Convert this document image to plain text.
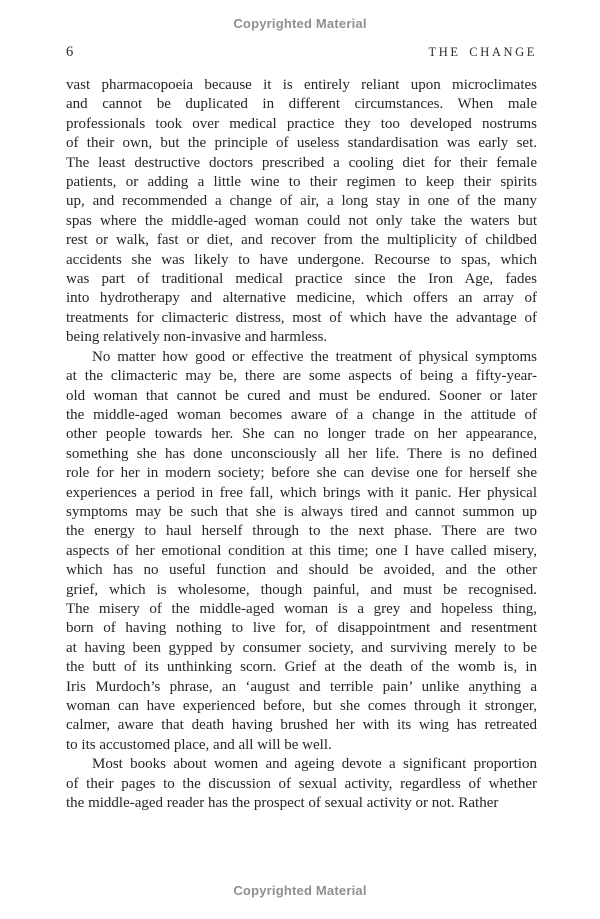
Copyrighted Material
6	THE CHANGE
vast pharmacopoeia because it is entirely reliant upon microclimates
and cannot be duplicated in different circumstances. When male
professionals took over medical practice they too developed nostrums
of their own, but the principle of useless standardisation was early set.
The least destructive doctors prescribed a cooling diet for their female
patients, or adding a little wine to their regimen to keep their spirits
up, and recommended a change of air, a long stay in one of the many
spas where the middle-aged woman could not only take the waters but
rest or walk, fast or diet, and recover from the multiplicity of childbed
accidents she was likely to have undergone. Recourse to spas, which
was part of traditional medical practice since the Iron Age, fades
into hydrotherapy and alternative medicine, which offers an array of
treatments for climacteric distress, most of which have the advantage of
being relatively non-invasive and harmless.
No matter how good or effective the treatment of physical symptoms
at the climacteric may be, there are some aspects of being a fifty-year-
old woman that cannot be cured and must be endured. Sooner or later
the middle-aged woman becomes aware of a change in the attitude of
other people towards her. She can no longer trade on her appearance,
something she has done unconsciously all her life. There is no defined
role for her in modern society; before she can devise one for herself she
experiences a period in free fall, which brings with it panic. Her physical
symptoms may be such that she is always tired and cannot summon up
the energy to haul herself through to the next phase. There are two
aspects of her emotional condition at this time; one I have called misery,
which has no useful function and should be avoided, and the other
grief, which is wholesome, though painful, and must be recognised.
The misery of the middle-aged woman is a grey and hopeless thing,
born of having nothing to live for, of disappointment and resentment
at having been gypped by consumer society, and surviving merely to be
the butt of its unthinking scorn. Grief at the death of the womb is, in
Iris Murdoch’s phrase, an ‘august and terrible pain’ unlike anything a
woman can have experienced before, but she comes through it stronger,
calmer, aware that death having brushed her with its wing has retreated
to its accustomed place, and all will be well.
Most books about women and ageing devote a significant proportion
of their pages to the discussion of sexual activity, regardless of whether
the middle-aged reader has the prospect of sexual activity or not. Rather
Copyrighted Material
